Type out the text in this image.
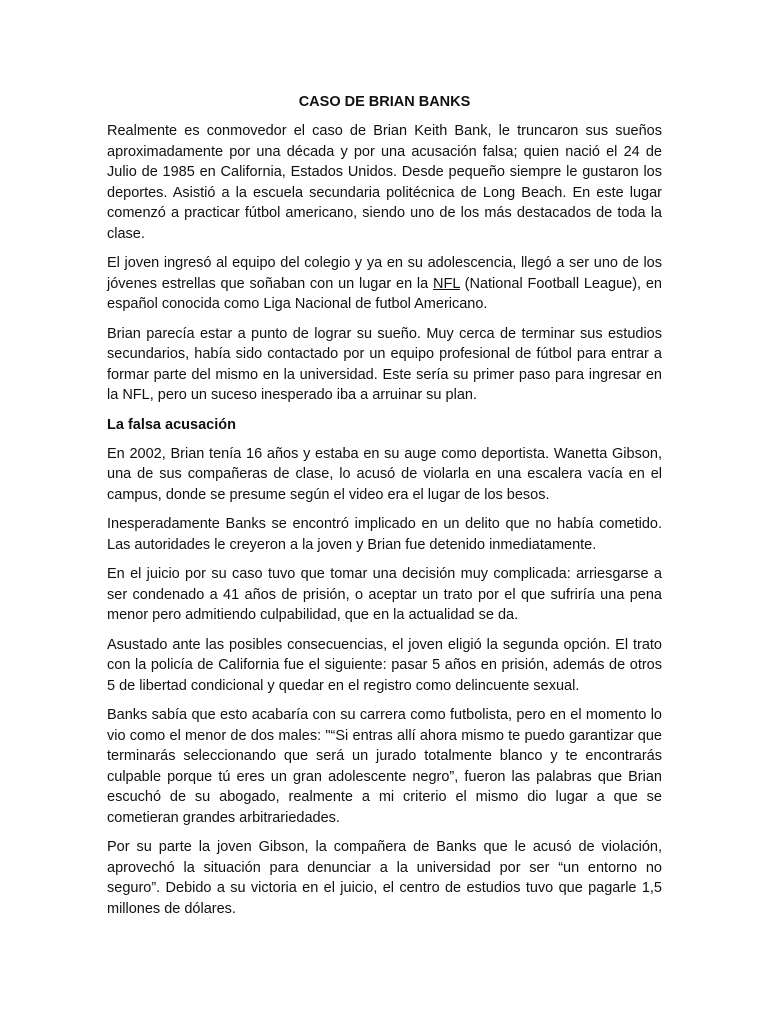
CASO DE BRIAN BANKS

Realmente es conmovedor el caso de Brian Keith Bank, le truncaron sus sueños aproximadamente por una década y por una acusación falsa; quien nació el 24 de Julio de 1985 en California, Estados Unidos. Desde pequeño siempre le gustaron los deportes. Asistió a la escuela secundaria politécnica de Long Beach. En este lugar comenzó a practicar fútbol americano, siendo uno de los más destacados de toda la clase.

El joven ingresó al equipo del colegio y ya en su adolescencia, llegó a ser uno de los jóvenes estrellas que soñaban con un lugar en la NFL (National Football League), en español conocida como Liga Nacional de futbol Americano.

Brian parecía estar a punto de lograr su sueño. Muy cerca de terminar sus estudios secundarios, había sido contactado por un equipo profesional de fútbol para entrar a formar parte del mismo en la universidad. Este sería su primer paso para ingresar en la NFL, pero un suceso inesperado iba a arruinar su plan.

La falsa acusación

En 2002, Brian tenía 16 años y estaba en su auge como deportista. Wanetta Gibson, una de sus compañeras de clase, lo acusó de violarla en una escalera vacía en el campus, donde se presume según el video era el lugar de los besos.

Inesperadamente Banks se encontró implicado en un delito que no había cometido. Las autoridades le creyeron a la joven y Brian fue detenido inmediatamente.

En el juicio por su caso tuvo que tomar una decisión muy complicada: arriesgarse a ser condenado a 41 años de prisión, o aceptar un trato por el que sufriría una pena menor pero admitiendo culpabilidad, que en la actualidad se da.

Asustado ante las posibles consecuencias, el joven eligió la segunda opción. El trato con la policía de California fue el siguiente: pasar 5 años en prisión, además de otros 5 de libertad condicional y quedar en el registro como delincuente sexual.

Banks sabía que esto acabaría con su carrera como futbolista, pero en el momento lo vio como el menor de dos males: "“Si entras allí ahora mismo te puedo garantizar que terminarás seleccionando que será un jurado totalmente blanco y te encontrarás culpable porque tú eres un gran adolescente negro”, fueron las palabras que Brian escuchó de su abogado, realmente a mi criterio el mismo dio lugar a que se cometieran grandes arbitrariedades.

Por su parte la joven Gibson, la compañera de Banks que le acusó de violación, aprovechó la situación para denunciar a la universidad por ser “un entorno no seguro”. Debido a su victoria en el juicio, el centro de estudios tuvo que pagarle 1,5 millones de dólares.
